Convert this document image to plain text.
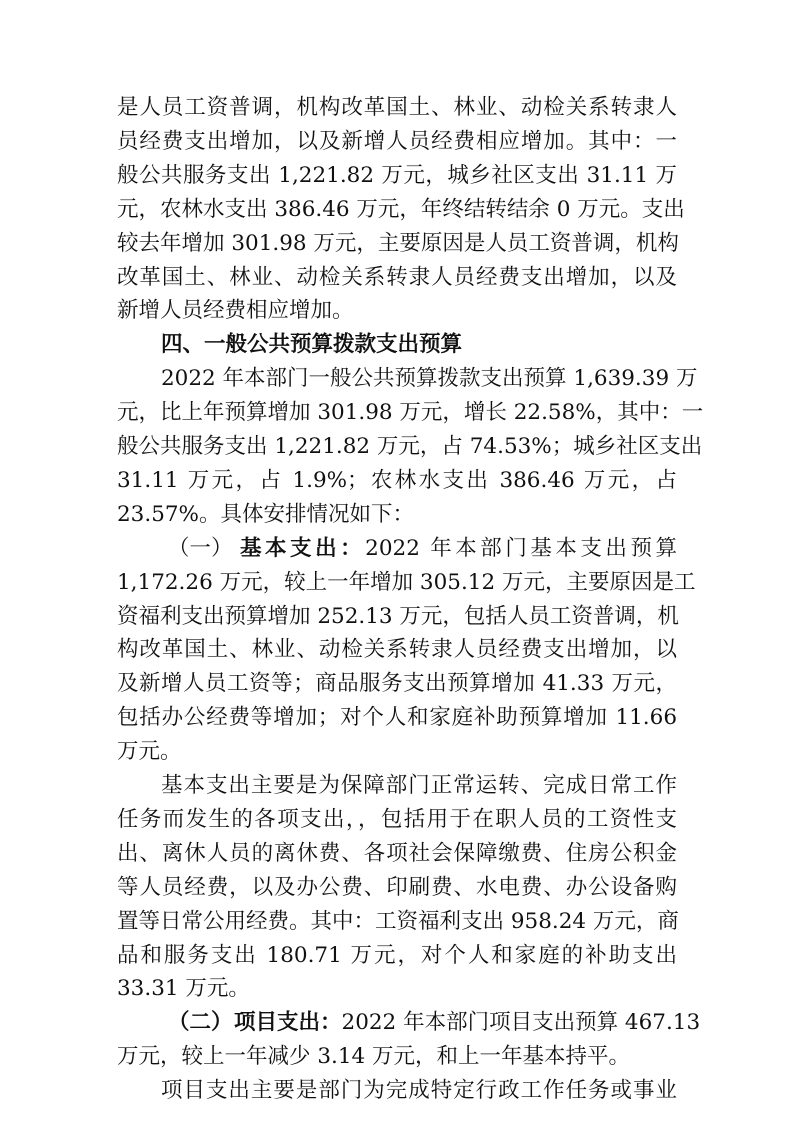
是人员工资普调，机构改革国土、林业、动检关系转隶人
员经费支出增加，以及新增人员经费相应增加。其中：一
般公共服务支出 1,221.82 万元，城乡社区支出 31.11 万
元，农林水支出 386.46 万元，年终结转结余 0 万元。支出
较去年增加 301.98 万元，主要原因是人员工资普调，机构
改革国土、林业、动检关系转隶人员经费支出增加，以及
新增人员经费相应增加。
四、一般公共预算拨款支出预算
2022 年本部门一般公共预算拨款支出预算 1,639.39 万
元，比上年预算增加 301.98 万元，增长 22.58%，其中：一
般公共服务支出 1,221.82 万元，占 74.53%；城乡社区支出
31.11 万元，占 1.9%；农林水支出 386.46 万元，占
23.57%。具体安排情况如下：
（一） 基本支出：2022 年本部门基本支出预算
1,172.26 万元，较上一年增加 305.12 万元，主要原因是工
资福利支出预算增加 252.13 万元，包括人员工资普调，机
构改革国土、林业、动检关系转隶人员经费支出增加，以
及新增人员工资等；商品服务支出预算增加 41.33 万元，
包括办公经费等增加；对个人和家庭补助预算增加 11.66
万元。
基本支出主要是为保障部门正常运转、完成日常工作
任务而发生的各项支出，，包括用于在职人员的工资性支
出、离休人员的离休费、各项社会保障缴费、住房公积金
等人员经费，以及办公费、印刷费、水电费、办公设备购
置等日常公用经费。其中：工资福利支出 958.24 万元，商
品和服务支出 180.71 万元，对个人和家庭的补助支出
33.31 万元。
（二） 项目支出：2022 年本部门项目支出预算 467.13
万元，较上一年减少 3.14 万元，和上一年基本持平。
项目支出主要是部门为完成特定行政工作任务或事业
